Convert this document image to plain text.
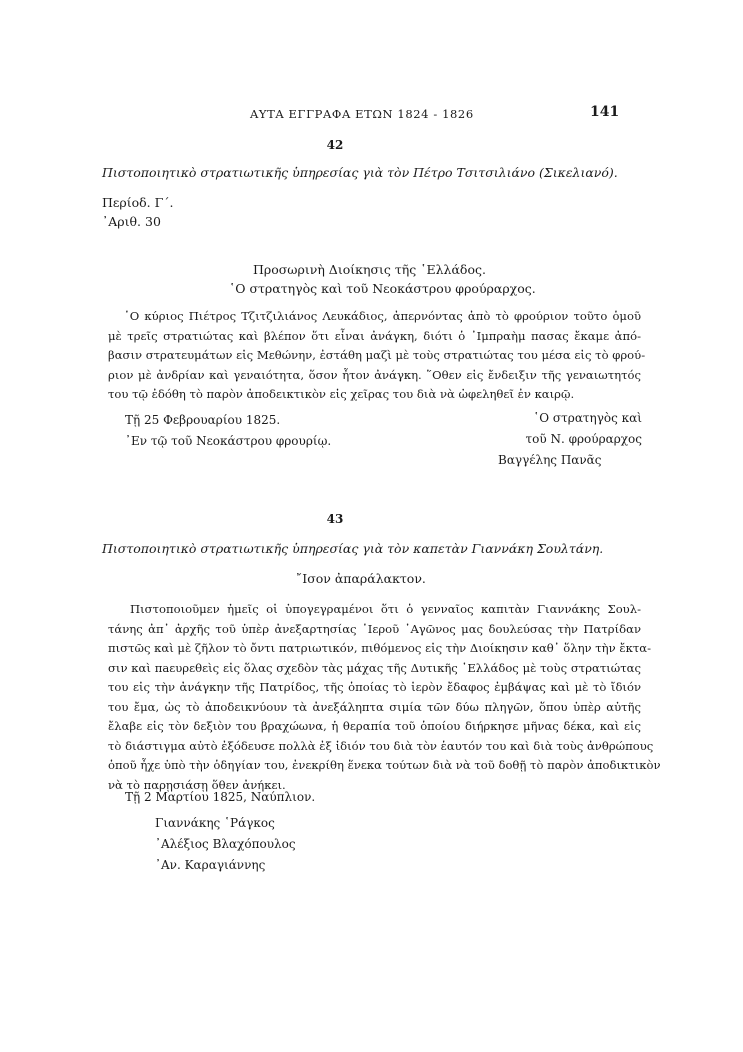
ΑΥΤΑ ΕΓΓΡΑΦΑ ΕΤΩΝ 1824 - 1826	141
42
Πιστοποιητικὸ στρατιωτικῆς ὑπηρεσίας γιὰ τὸν Πέτρο Τσιτσιλιάνο (Σικελιανό).
Περίοδ. Γ΄.
᾽Αριθ. 30
Προσωρινὴ Διοίκησις τῆς ῾Ελλάδος.
῾Ο στρατηγὸς καὶ τοῦ Νεοκάστρου φρούραρχος.

῾Ο κύριος Πιέτρος Τζιτζιλιάνος Λευκάδιος, ἀπερνόντας ἀπὸ τὸ φρούριον τοῦτο ὁμοῦ

μὲ τρεῖς στρατιώτας καὶ βλέπον ὅτι εἶναι ἀνάγκη, διότι ὁ ᾽Ιμπραὴμ πασας ἔκαμε ἀπό-

βασιν στρατευμάτων εἰς Μεθώνην, ἐστάθη μαζὶ μὲ τοὺς στρατιώτας του μέσα εἰς τὸ φρού-

ριον μὲ ἀνδρίαν καὶ γεναιότητα, ὅσον ἦτον ἀνάγκη. ῞Οθεν εἰς ἔνδειξιν τῆς γεναιωτητός

του τῷ ἐδόθη τὸ παρὸν ἀποδεικτικὸν εἰς χεῖρας του διὰ νὰ ὠφεληθεῖ ἐν καιρῷ.

Τῇ 25 Φεβρουαρίου 1825.
᾽Εν τῷ τοῦ Νεοκάστρου φρουρίῳ.
῾Ο στρατηγὸς καὶ
τοῦ Ν. φρούραρχος
Βαγγέλης Πανᾶς
43
Πιστοποιητικὸ στρατιωτικῆς ὑπηρεσίας γιὰ τὸν καπετὰν Γιαννάκη Σουλτάνη.
῎Ισον ἀπαράλακτον.

Πιστοποιοῦμεν ἡμεῖς οἱ ὑπογεγραμένοι ὅτι ὁ γενναῖος καπιτὰν Γιαννάκης Σουλ-

τάνης ἀπ᾽ ἀρχῆς τοῦ ὑπὲρ ἀνεξαρτησίας ῾Ιεροῦ ᾽Αγῶνος μας δουλεύσας τὴν Πατρίδαν

πιστῶς καὶ μὲ ζῆλον τὸ ὄντι πατριωτικόν, πιθόμενος εἰς τὴν Διοίκησιν καθ᾽ ὅλην τὴν ἔκτα-

σιν καὶ πaευρεθεὶς εἰς ὅλας σχεδὸν τὰς μάχας τῆς Δυτικῆς ῾Ελλάδος μὲ τοὺς στρατιώτας

του εἰς τὴν ἀνάγκην τῆς Πατρίδος, τῆς ὁποίας τὸ ἱερὸν ἔδαφος ἐμβάψας καὶ μὲ τὸ ἴδιόν

του ἔμα, ὡς τὸ ἀποδεικνύουν τὰ ἀνεξάληπτα σιμία τῶν δύω πληγῶν, ὅπου ὑπὲρ αὐτῆς

ἔλαβε εἰς τὸν δεξιὸν του βραχώωνα, ἡ θεραπία τοῦ ὁποίου διήρκησε μῆνας δέκα, καὶ εἰς

τὸ διάστιγμα αὐτὸ ἐξόδευσε πολλὰ ἐξ ἰδιόν του διὰ τὸν ἑαυτόν του καὶ διὰ τοὺς ἀνθρώπους

ὁποῦ ἦχε ὑπὸ τὴν ὁδηγίαν του, ἐνεκρίθη ἕνεκα τούτων διὰ νὰ τοῦ δοθῇ τὸ παρὸν ἀποδικτικὸν

νὰ τὸ παρῃσιάσῃ ὅθεν ἀνήκει.

Τῇ 2 Μαρτίου 1825, Ναύπλιον.
Γιαννάκης ῾Ράγκος
᾽Αλέξιος Βλαχόπουλος
᾽Αν. Καραγιάννης
